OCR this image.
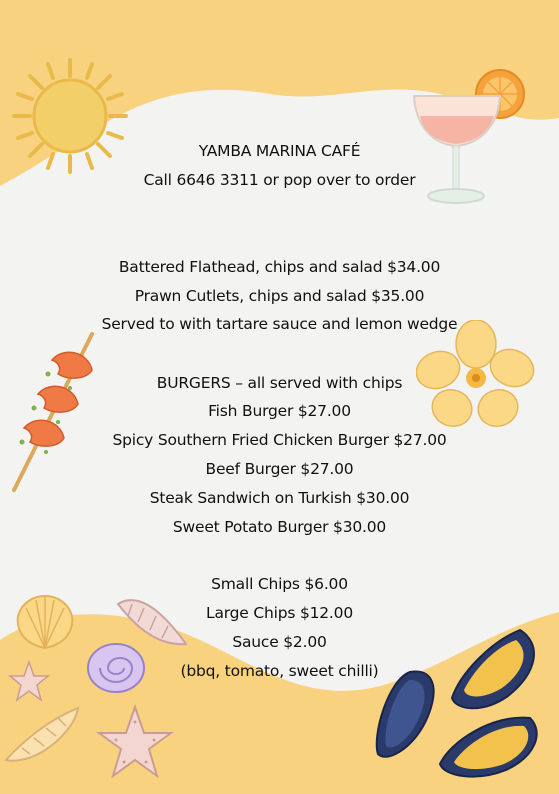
YAMBA MARINA CAFÉ
Call 6646 3311 or pop over to order
Battered Flathead, chips and salad $34.00
Prawn Cutlets, chips and salad $35.00
Served to with tartare sauce and lemon wedge
BURGERS – all served with chips
Fish Burger $27.00
Spicy Southern Fried Chicken Burger $27.00
Beef Burger $27.00
Steak Sandwich on Turkish $30.00
Sweet Potato Burger $30.00
Small Chips $6.00
Large Chips $12.00
Sauce $2.00
(bbq, tomato, sweet chilli)
